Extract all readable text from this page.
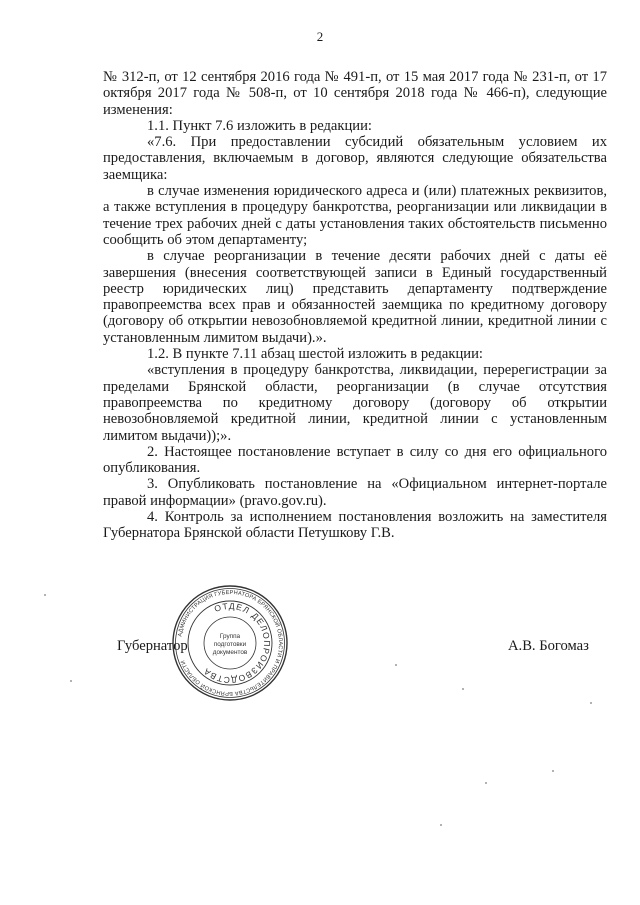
2

№ 312-п, от 12 сентября 2016 года № 491-п, от 15 мая 2017 года № 231-п, от 17 октября 2017 года № 508-п, от 10 сентября 2018 года № 466-п), следующие изменения:

1.1. Пункт 7.6 изложить в редакции:

«7.6. При предоставлении субсидий обязательным условием их предоставления, включаемым в договор, являются следующие обязательства заемщика:

в случае изменения юридического адреса и (или) платежных реквизитов, а также вступления в процедуру банкротства, реорганизации или ликвидации в течение трех рабочих дней с даты установления таких обстоятельств письменно сообщить об этом департаменту;

в случае реорганизации в течение десяти рабочих дней с даты её завершения (внесения соответствующей записи в Единый государственный реестр юридических лиц) представить департаменту подтверждение правопреемства всех прав и обязанностей заемщика по кредитному договору (договору об открытии невозобновляемой кредитной линии, кредитной линии с установленным лимитом выдачи).».

1.2. В пункте 7.11 абзац шестой изложить в редакции:

«вступления в процедуру банкротства, ликвидации, перерегистрации за пределами Брянской области, реорганизации (в случае отсутствия правопреемства по кредитному договору (договору об открытии невозобновляемой кредитной линии, кредитной линии с установленным лимитом выдачи));».

2. Настоящее постановление вступает в силу со дня его официального опубликования.

3. Опубликовать постановление на «Официальном интернет-портале правой информации» (pravo.gov.ru).

4. Контроль за исполнением постановления возложить на заместителя Губернатора Брянской области Петушкову Г.В.

Губернатор	А.В. Богомаз
АДМИНИСТРАЦИЯ ГУБЕРНАТОРА БРЯНСКОЙ ОБЛАСТИ И ПРАВИТЕЛЬСТВА БРЯНСКОЙ ОБЛАСТИ
ОТДЕЛ ДЕЛОПРОИЗВОДСТВА
Группа
подготовки
документов
